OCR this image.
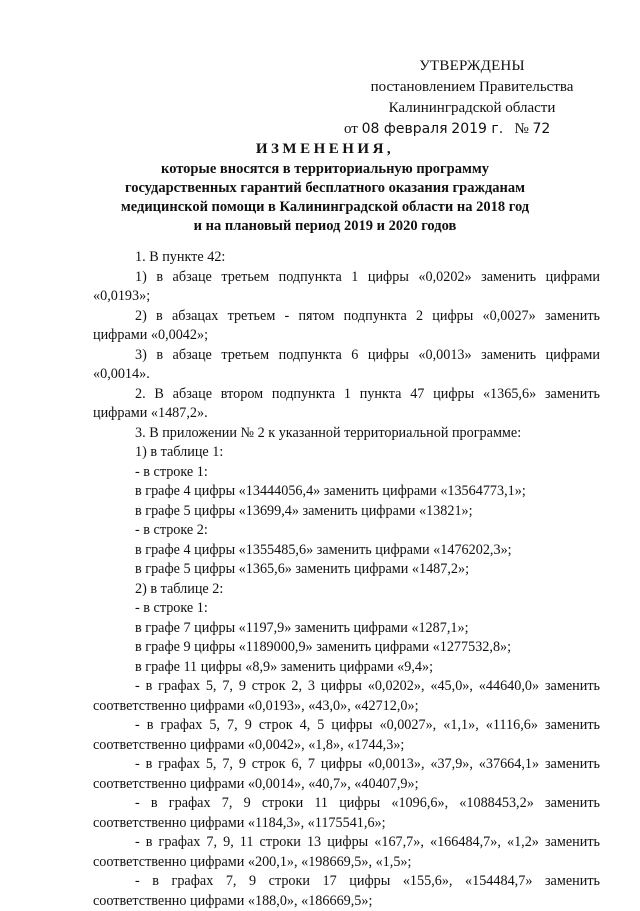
УТВЕРЖДЕНЫ
постановлением Правительства
Калининградской области
от 08 февраля 2019 г. № 72
ИЗМЕНЕНИЯ,
которые вносятся в территориальную программу
государственных гарантий бесплатного оказания гражданам
медицинской помощи в Калининградской области на 2018 год
и на плановый период 2019 и 2020 годов
1. В пункте 42:
1) в абзаце третьем подпункта 1 цифры «0,0202» заменить цифрами
«0,0193»;
2) в абзацах третьем - пятом подпункта 2 цифры «0,0027» заменить
цифрами «0,0042»;
3) в абзаце третьем подпункта 6 цифры «0,0013» заменить цифрами
«0,0014».
2. В абзаце втором подпункта 1 пункта 47 цифры «1365,6» заменить
цифрами «1487,2».
3. В приложении № 2 к указанной территориальной программе:
1) в таблице 1:
- в строке 1:
в графе 4 цифры «13444056,4» заменить цифрами «13564773,1»;
в графе 5 цифры «13699,4» заменить цифрами «13821»;
- в строке 2:
в графе 4 цифры «1355485,6» заменить цифрами «1476202,3»;
в графе 5 цифры «1365,6» заменить цифрами «1487,2»;
2) в таблице 2:
- в строке 1:
в графе 7 цифры «1197,9» заменить цифрами «1287,1»;
в графе 9 цифры «1189000,9» заменить цифрами «1277532,8»;
в графе 11 цифры «8,9» заменить цифрами «9,4»;
- в графах 5, 7, 9 строк 2, 3 цифры «0,0202», «45,0», «44640,0» заменить
соответственно цифрами «0,0193», «43,0», «42712,0»;
- в графах 5, 7, 9 строк 4, 5 цифры «0,0027», «1,1», «1116,6» заменить
соответственно цифрами «0,0042», «1,8», «1744,3»;
- в графах 5, 7, 9 строк 6, 7 цифры «0,0013», «37,9», «37664,1» заменить
соответственно цифрами «0,0014», «40,7», «40407,9»;
- в графах 7, 9 строки 11 цифры «1096,6», «1088453,2» заменить
соответственно цифрами «1184,3», «1175541,6»;
- в графах 7, 9, 11 строки 13 цифры «167,7», «166484,7», «1,2» заменить
соответственно цифрами «200,1», «198669,5», «1,5»;
- в графах 7, 9 строки 17 цифры «155,6», «154484,7» заменить
соответственно цифрами «188,0», «186669,5»;
